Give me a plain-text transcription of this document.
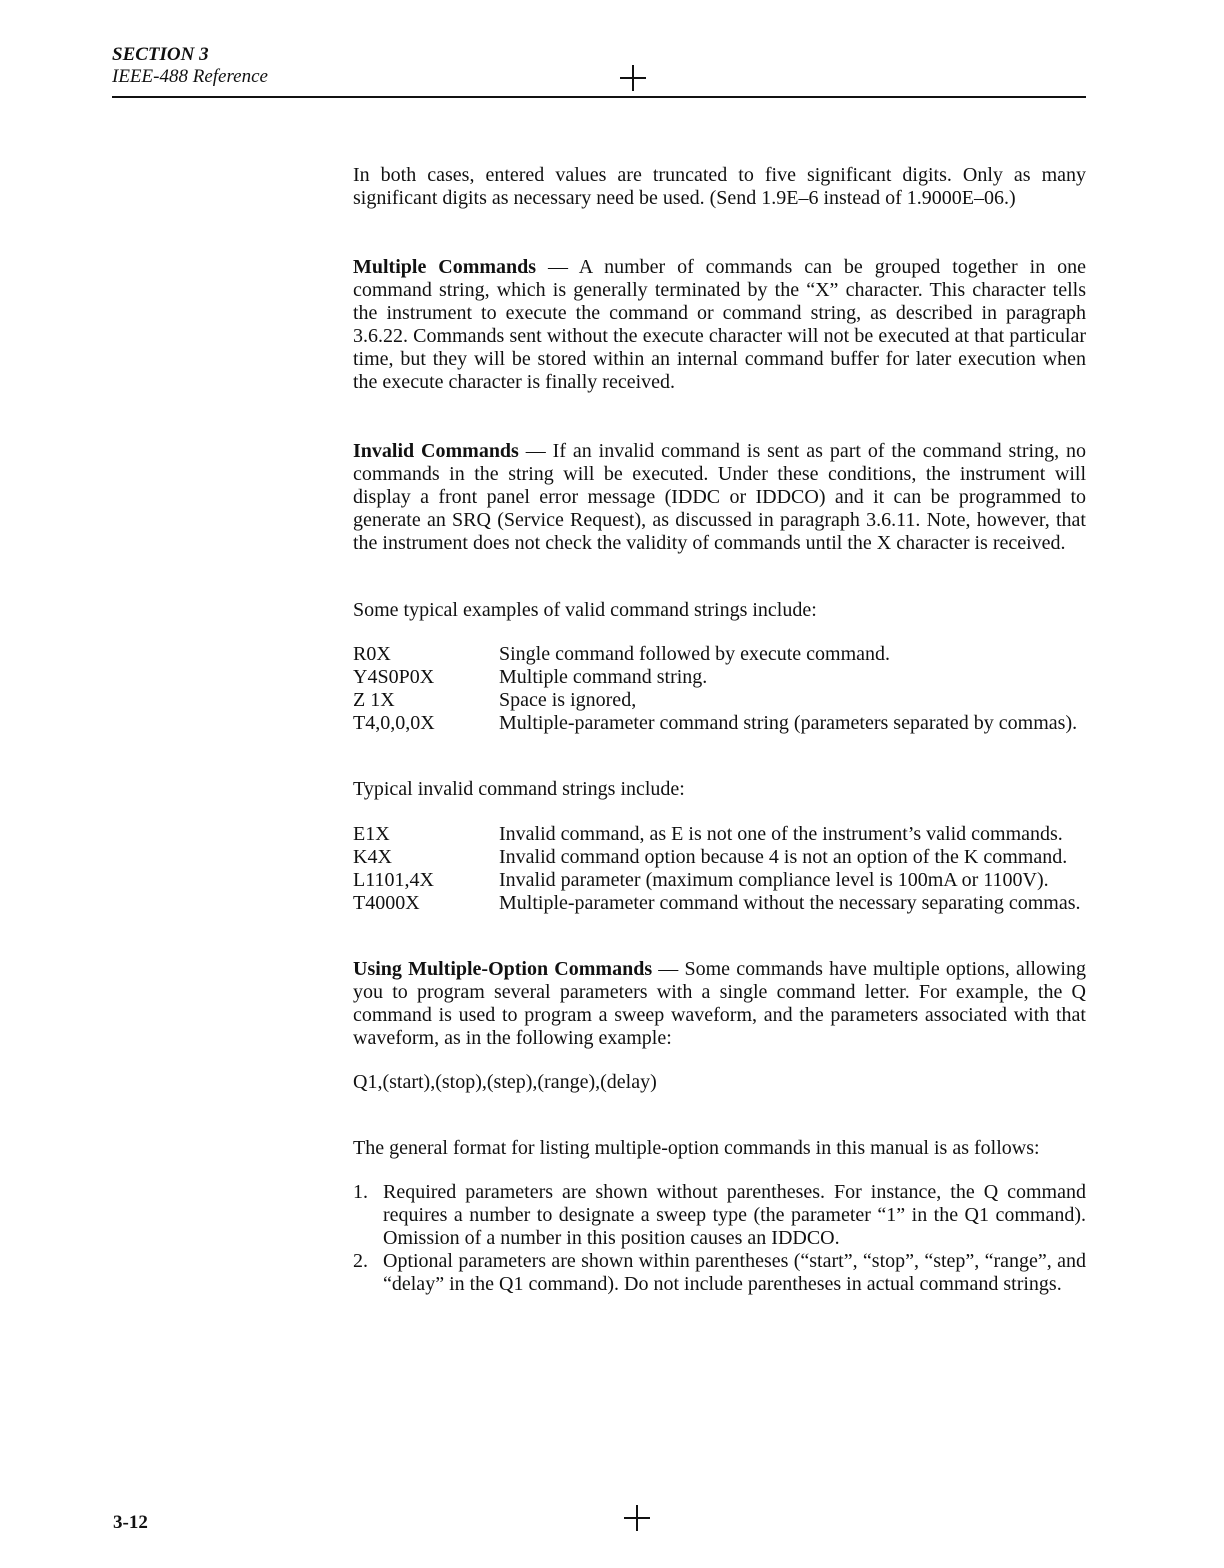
SECTION 3
IEEE-488 Reference

In both cases, entered values are truncated to five significant digits. Only as many significant digits as necessary need be used. (Send 1.9E–6 instead of 1.9000E–06.)

Multiple Commands — A number of commands can be grouped together in one command string, which is generally terminated by the “X” character. This character tells the instrument to execute the command or command string, as described in paragraph 3.6.22. Commands sent without the execute character will not be executed at that particular time, but they will be stored within an internal command buffer for later execution when the execute character is finally received.

Invalid Commands — If an invalid command is sent as part of the command string, no commands in the string will be executed. Under these conditions, the instrument will display a front panel error message (IDDC or IDDCO) and it can be programmed to generate an SRQ (Service Request), as discussed in paragraph 3.6.11. Note, however, that the instrument does not check the validity of commands until the X character is received.

Some typical examples of valid command strings include:

R0X	Single command followed by execute command.
Y4S0P0X	Multiple command string.
Z 1X	Space is ignored,
T4,0,0,0X	Multiple-parameter command string (parameters separated by commas).

Typical invalid command strings include:

E1X	Invalid command, as E is not one of the instrument’s valid commands.
K4X	Invalid command option because 4 is not an option of the K command.
L1101,4X	Invalid parameter (maximum compliance level is 100mA or 1100V).
T4000X	Multiple-parameter command without the necessary separating commas.

Using Multiple-Option Commands — Some commands have multiple options, allowing you to program several parameters with a single command letter. For example, the Q command is used to program a sweep waveform, and the parameters associated with that waveform, as in the following example:

Q1,(start),(stop),(step),(range),(delay)

The general format for listing multiple-option commands in this manual is as follows:

1. Required parameters are shown without parentheses. For instance, the Q command requires a number to designate a sweep type (the parameter “1” in the Q1 command). Omission of a number in this position causes an IDDCO.
2. Optional parameters are shown within parentheses (“start”, “stop”, “step”, “range”, and “delay” in the Q1 command). Do not include parentheses in actual command strings.
3-12
